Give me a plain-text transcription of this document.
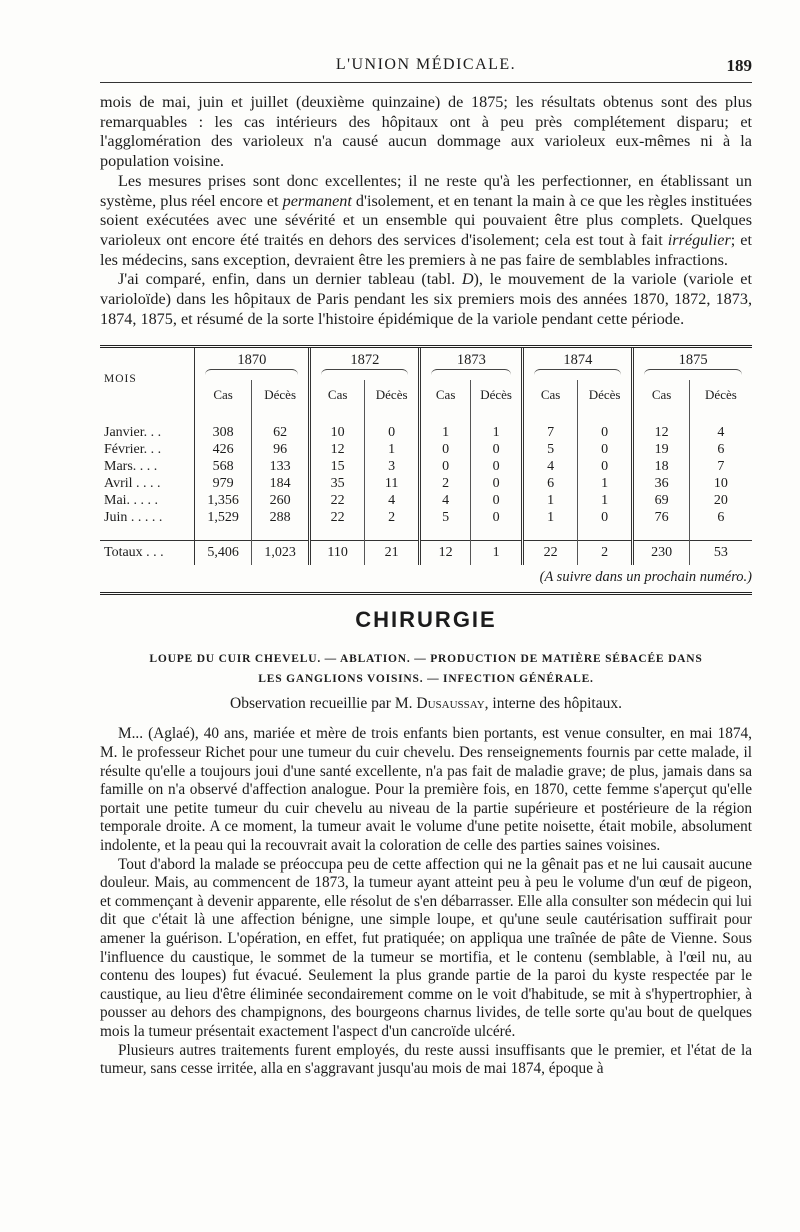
L'UNION MÉDICALE.	189

mois de mai, juin et juillet (deuxième quinzaine) de 1875; les résultats obtenus sont des plus remarquables : les cas intérieurs des hôpitaux ont à peu près complétement disparu; et l'agglomération des varioleux n'a causé aucun dommage aux varioleux eux-mêmes ni à la population voisine.

Les mesures prises sont donc excellentes; il ne reste qu'à les perfectionner, en établissant un système, plus réel encore et permanent d'isolement, et en tenant la main à ce que les règles instituées soient exécutées avec une sévérité et un ensemble qui pouvaient être plus complets. Quelques varioleux ont encore été traités en dehors des services d'isolement; cela est tout à fait irrégulier; et les médecins, sans exception, devraient être les premiers à ne pas faire de semblables infractions.

J'ai comparé, enfin, dans un dernier tableau (tabl. D), le mouvement de la variole (variole et varioloïde) dans les hôpitaux de Paris pendant les six premiers mois des années 1870, 1872, 1873, 1874, 1875, et résumé de la sorte l'histoire épidémique de la variole pendant cette période.

MOIS	1870		1872		1873		1874		1875	

	Cas	Décès	Cas	Décès	Cas	Décès	Cas	Décès	Cas	Décès

Janvier. . .	308	62	10	0	1	1	7	0	12	4
Février. . .	426	96	12	1	0	0	5	0	19	6
Mars. . . .	568	133	15	3	0	0	4	0	18	7
Avril . . . .	979	184	35	11	2	0	6	1	36	10
Mai. . . . .	1,356	260	22	4	4	0	1	1	69	20
Juin . . . . .	1,529	288	22	2	5	0	1	0	76	6

Totaux . . .	5,406	1,023	110	21	12	1	22	2	230	53
(A suivre dans un prochain numéro.)
CHIRURGIE
LOUPE DU CUIR CHEVELU. — ABLATION. — PRODUCTION DE MATIÈRE SÉBACÉE DANS
LES GANGLIONS VOISINS. — INFECTION GÉNÉRALE.
Observation recueillie par M. Dusaussay, interne des hôpitaux.

M... (Aglaé), 40 ans, mariée et mère de trois enfants bien portants, est venue consulter, en mai 1874, M. le professeur Richet pour une tumeur du cuir chevelu. Des renseignements fournis par cette malade, il résulte qu'elle a toujours joui d'une santé excellente, n'a pas fait de maladie grave; de plus, jamais dans sa famille on n'a observé d'affection analogue. Pour la première fois, en 1870, cette femme s'aperçut qu'elle portait une petite tumeur du cuir chevelu au niveau de la partie supérieure et postérieure de la région temporale droite. A ce moment, la tumeur avait le volume d'une petite noisette, était mobile, absolument indolente, et la peau qui la recouvrait avait la coloration de celle des parties saines voisines.

Tout d'abord la malade se préoccupa peu de cette affection qui ne la gênait pas et ne lui causait aucune douleur. Mais, au commencent de 1873, la tumeur ayant atteint peu à peu le volume d'un œuf de pigeon, et commençant à devenir apparente, elle résolut de s'en débarrasser. Elle alla consulter son médecin qui lui dit que c'était là une affection bénigne, une simple loupe, et qu'une seule cautérisation suffirait pour amener la guérison. L'opération, en effet, fut pratiquée; on appliqua une traînée de pâte de Vienne. Sous l'influence du caustique, le sommet de la tumeur se mortifia, et le contenu (semblable, à l'œil nu, au contenu des loupes) fut évacué. Seulement la plus grande partie de la paroi du kyste respectée par le caustique, au lieu d'être éliminée secondairement comme on le voit d'habitude, se mit à s'hypertrophier, à pousser au dehors des champignons, des bourgeons charnus livides, de telle sorte qu'au bout de quelques mois la tumeur présentait exactement l'aspect d'un cancroïde ulcéré.

Plusieurs autres traitements furent employés, du reste aussi insuffisants que le premier, et l'état de la tumeur, sans cesse irritée, alla en s'aggravant jusqu'au mois de mai 1874, époque à
